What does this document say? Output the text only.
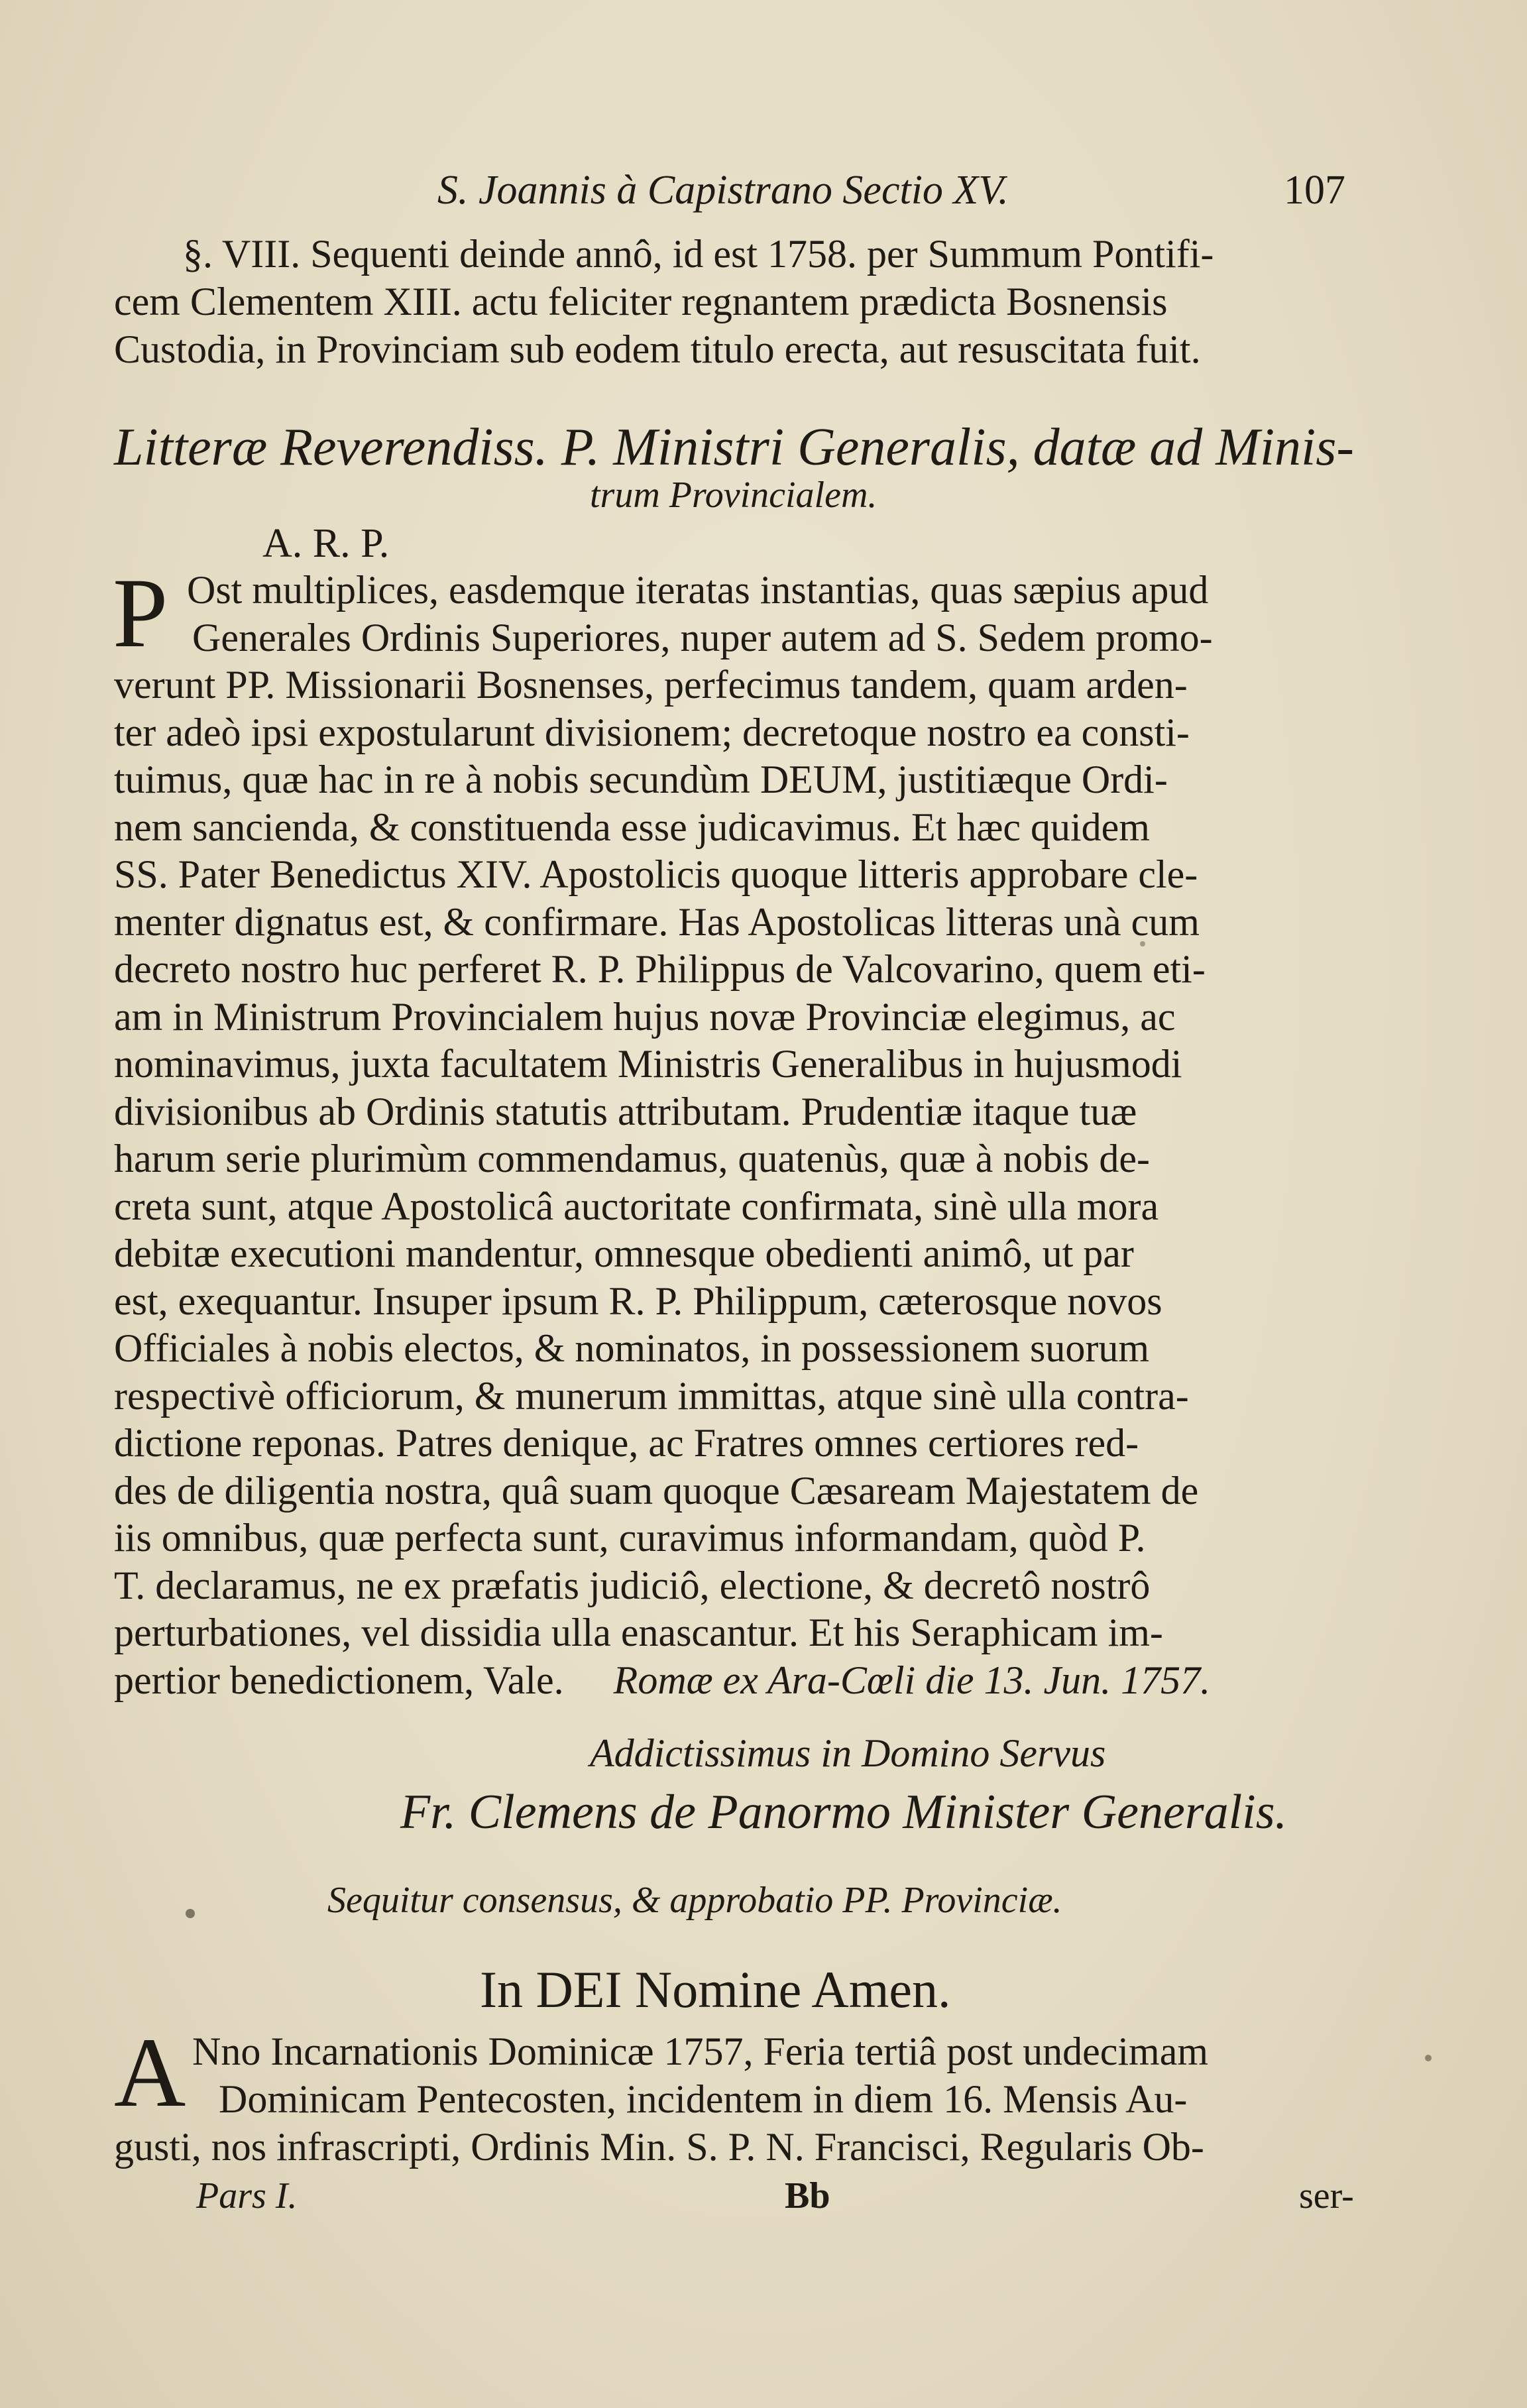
S. Joannis à Capistrano Sectio XV.	107
§. VIII. Sequenti deinde annô, id est 1758. per Summum Pontifi-
cem Clementem XIII. actu feliciter regnantem prædicta Bosnensis
Custodia, in Provinciam sub eodem titulo erecta, aut resuscitata fuit.
Litteræ Reverendiss. P. Ministri Generalis, datæ ad Minis-
trum Provincialem.
A. R. P.
P Ost multiplices, easdemque iteratas instantias, quas sæpius apud
Generales Ordinis Superiores, nuper autem ad S. Sedem promo-
verunt PP. Missionarii Bosnenses, perfecimus tandem, quam arden-
ter adeò ipsi expostularunt divisionem; decretoque nostro ea consti-
tuimus, quæ hac in re à nobis secundùm DEUM, justitiæque Ordi-
nem sancienda, & constituenda esse judicavimus. Et hæc quidem
SS. Pater Benedictus XIV. Apostolicis quoque litteris approbare cle-
menter dignatus est, & confirmare. Has Apostolicas litteras unà cum
decreto nostro huc perferet R. P. Philippus de Valcovarino, quem eti-
am in Ministrum Provincialem hujus novæ Provinciæ elegimus, ac
nominavimus, juxta facultatem Ministris Generalibus in hujusmodi
divisionibus ab Ordinis statutis attributam. Prudentiæ itaque tuæ
harum serie plurimùm commendamus, quatenùs, quæ à nobis de-
creta sunt, atque Apostolicâ auctoritate confirmata, sinè ulla mora
debitæ executioni mandentur, omnesque obedienti animô, ut par
est, exequantur. Insuper ipsum R. P. Philippum, cæterosque novos
Officiales à nobis electos, & nominatos, in possessionem suorum
respectivè officiorum, & munerum immittas, atque sinè ulla contra-
dictione reponas. Patres denique, ac Fratres omnes certiores red-
des de diligentia nostra, quâ suam quoque Cæsaream Majestatem de
iis omnibus, quæ perfecta sunt, curavimus informandam, quòd P.
T. declaramus, ne ex præfatis judiciô, electione, & decretô nostrô
perturbationes, vel dissidia ulla enascantur. Et his Seraphicam im-
pertior benedictionem, Vale. Romæ ex Ara-Cœli die 13. Jun. 1757.
Addictissimus in Domino Servus
Fr. Clemens de Panormo Minister Generalis.
Sequitur consensus, & approbatio PP. Provinciæ.
In DEI Nomine Amen.
A Nno Incarnationis Dominicæ 1757, Feria tertiâ post undecimam
Dominicam Pentecosten, incidentem in diem 16. Mensis Au-
gusti, nos infrascripti, Ordinis Min. S. P. N. Francisci, Regularis Ob-
Pars I.	Bb	ser-
